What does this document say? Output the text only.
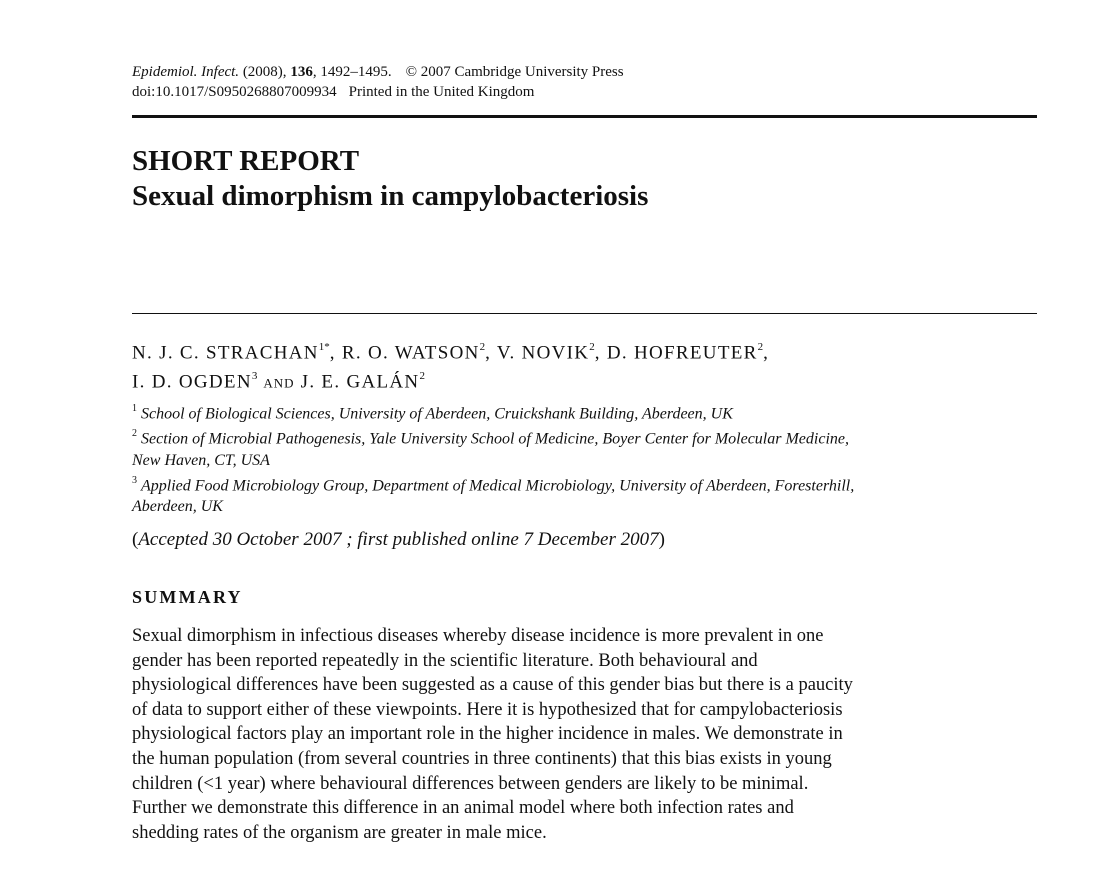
Epidemiol. Infect. (2008), 136, 1492–1495. © 2007 Cambridge University Press
doi:10.1017/S0950268807009934 Printed in the United Kingdom
SHORT REPORT
Sexual dimorphism in campylobacteriosis
N. J. C. $STRACHAN^{1*}$, R. O. WATSON$^2$, V. NOVIK$^2$, D. HOFREUTER$^2$,
I. D. OGDEN$^3$ AND J. E. GALÁN$^2$
$^1$ School of Biological Sciences, University of Aberdeen, Cruickshank Building, Aberdeen, UK
$^2$ Section of Microbial Pathogenesis, Yale University School of Medicine, Boyer Center for Molecular Medicine,
New Haven, CT, USA
$^3$ Applied Food Microbiology Group, Department of Medical Microbiology, University of Aberdeen, Foresterhill,
Aberdeen, UK
(Accepted 30 October 2007 ; first published online 7 December 2007)
SUMMARY
Sexual dimorphism in infectious diseases whereby disease incidence is more prevalent in one
gender has been reported repeatedly in the scientific literature. Both behavioural and
physiological differences have been suggested as a cause of this gender bias but there is a paucity
of data to support either of these viewpoints. Here it is hypothesized that for campylobacteriosis
physiological factors play an important role in the higher incidence in males. We demonstrate in
the human population (from several countries in three continents) that this bias exists in young
children (<1 year) where behavioural differences between genders are likely to be minimal.
Further we demonstrate this difference in an animal model where both infection rates and
shedding rates of the organism are greater in male mice.
